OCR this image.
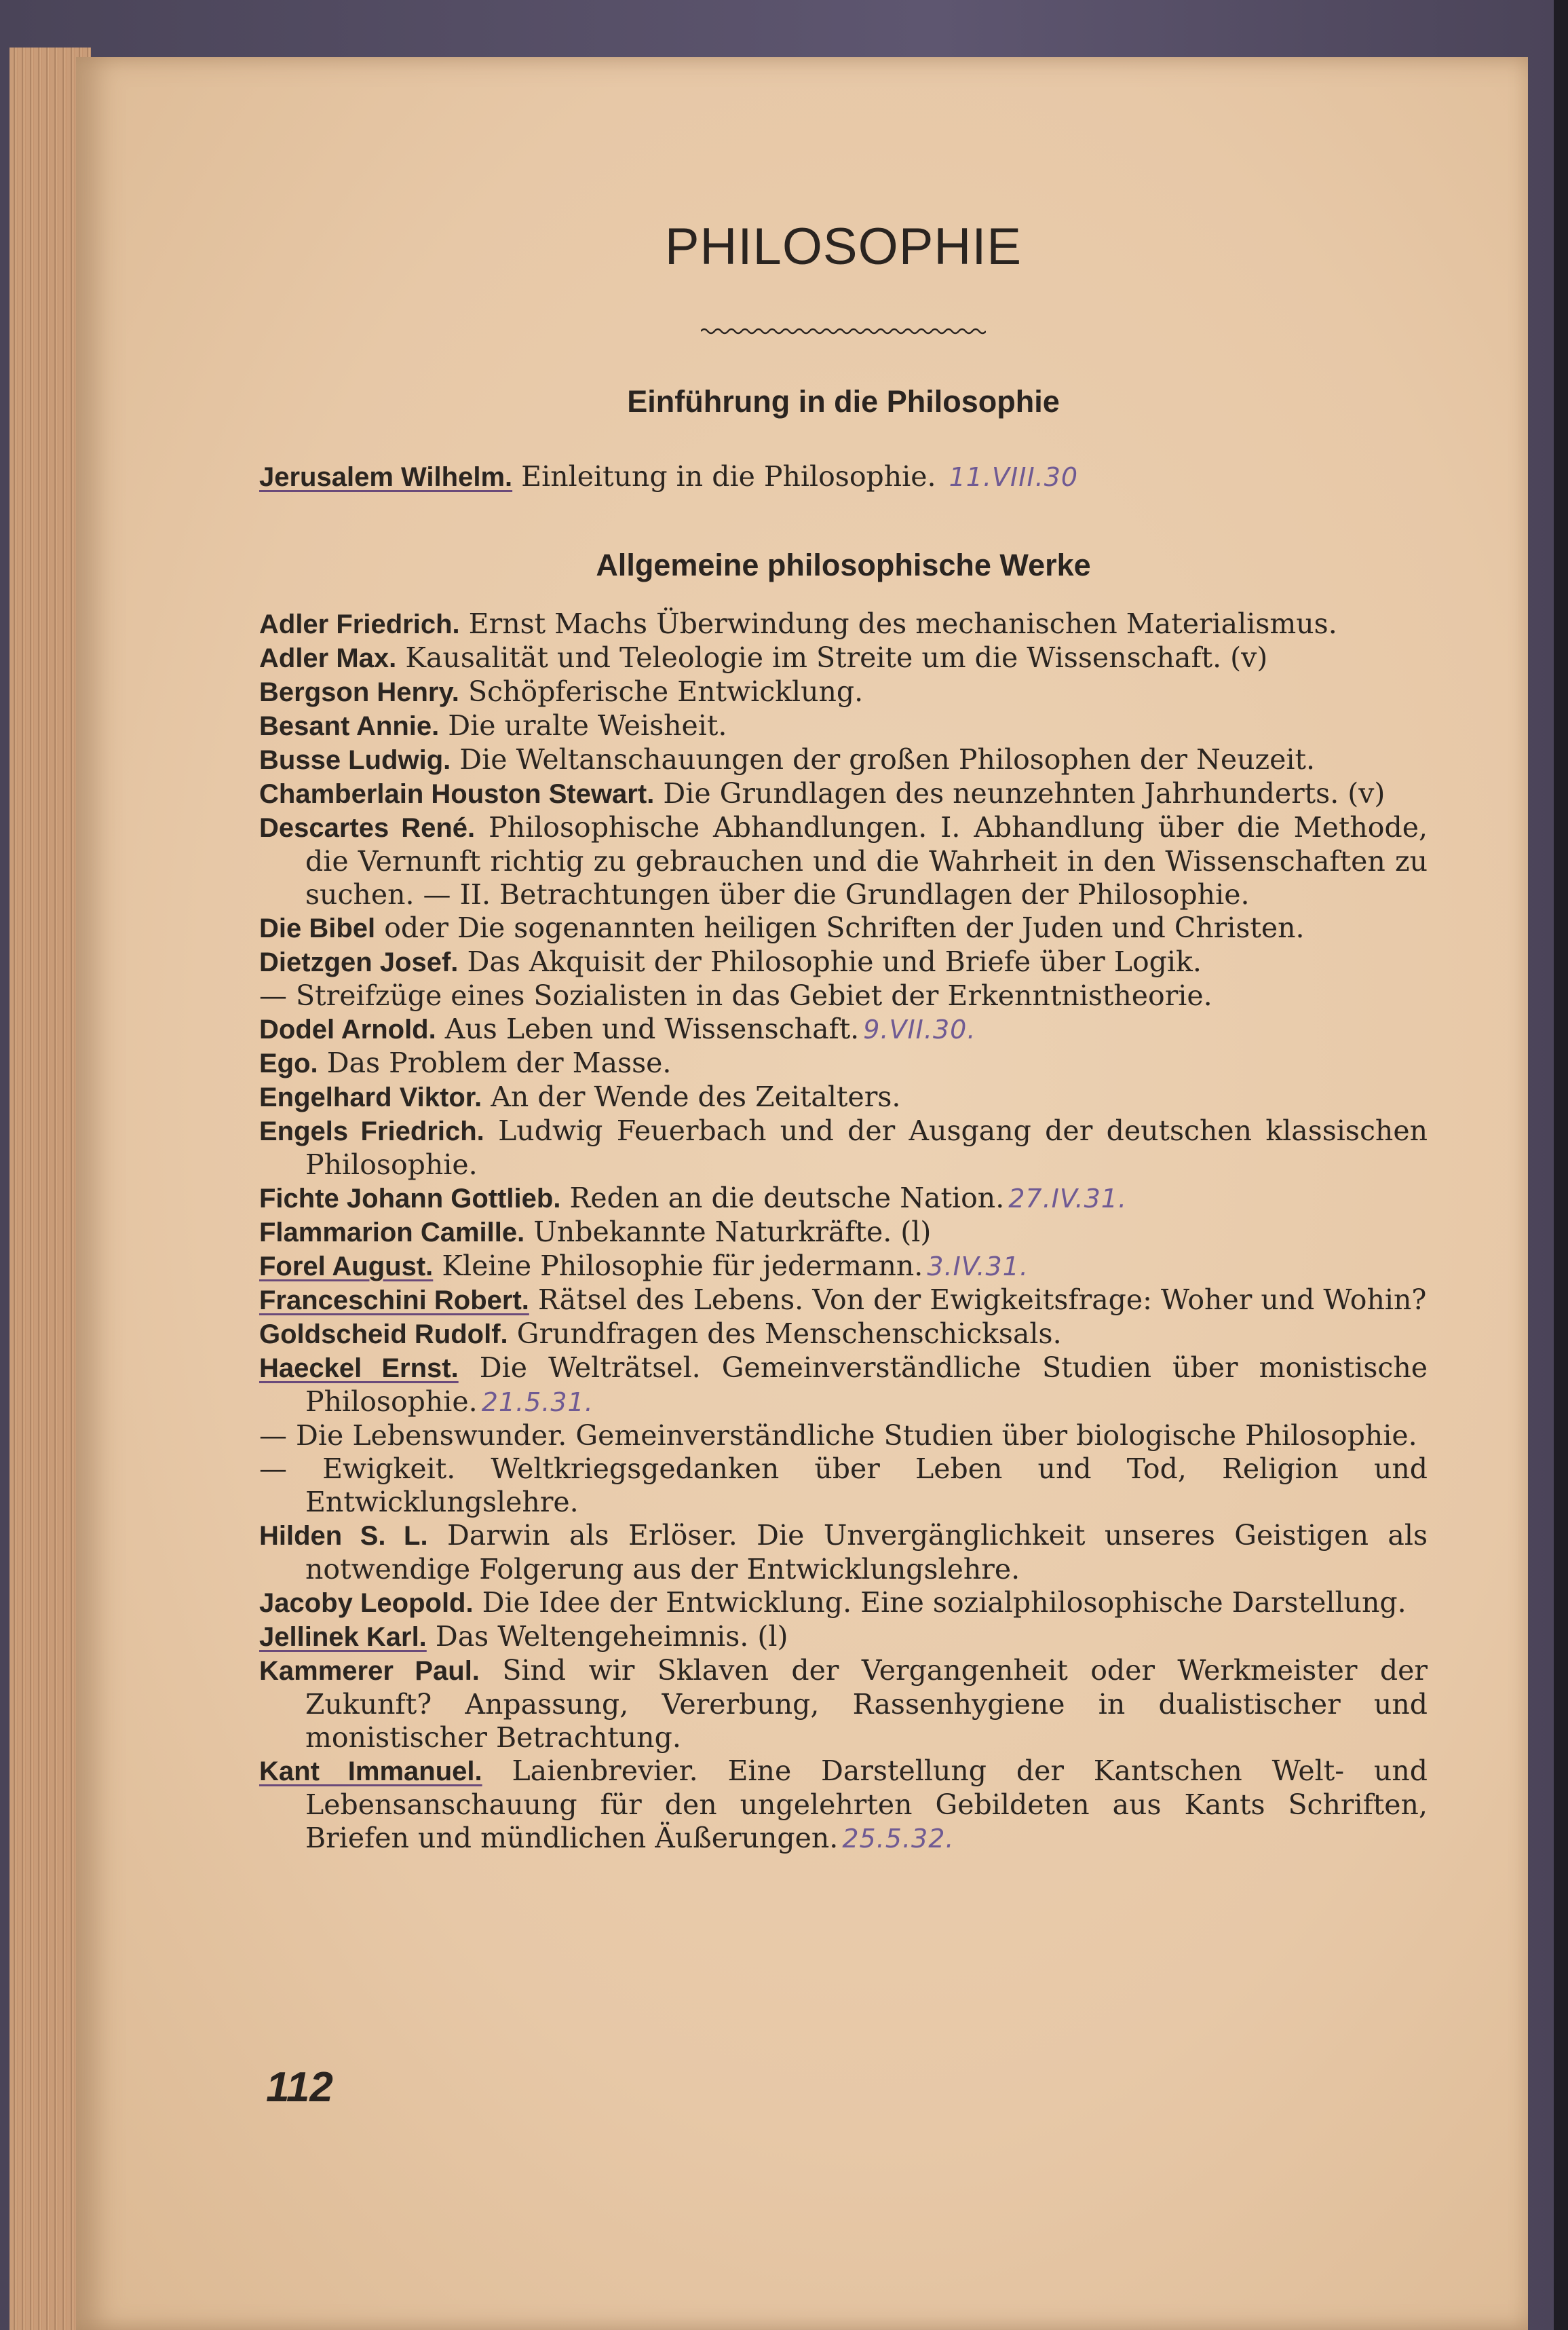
PHILOSOPHIE
Einführung in die Philosophie
Jerusalem Wilhelm. Einleitung in die Philosophie. 11.VIII.30
Allgemeine philosophische Werke
Adler Friedrich. Ernst Machs Überwindung des mechanischen Materialismus.
Adler Max. Kausalität und Teleologie im Streite um die Wissenschaft. (v)
Bergson Henry. Schöpferische Entwicklung.
Besant Annie. Die uralte Weisheit.
Busse Ludwig. Die Weltanschauungen der großen Philosophen der Neuzeit.
Chamberlain Houston Stewart. Die Grundlagen des neunzehnten Jahrhunderts. (v)
Descartes René. Philosophische Abhandlungen. I. Abhandlung über die Methode, die Vernunft richtig zu gebrauchen und die Wahrheit in den Wissenschaften zu suchen. — II. Betrachtungen über die Grundlagen der Philosophie.
Die Bibel oder Die sogenannten heiligen Schriften der Juden und Christen.
Dietzgen Josef. Das Akquisit der Philosophie und Briefe über Logik.
— Streifzüge eines Sozialisten in das Gebiet der Erkenntnistheorie.
Dodel Arnold. Aus Leben und Wissenschaft. 9.VII.30.
Ego. Das Problem der Masse.
Engelhard Viktor. An der Wende des Zeitalters.
Engels Friedrich. Ludwig Feuerbach und der Ausgang der deutschen klassischen Philosophie.
Fichte Johann Gottlieb. Reden an die deutsche Nation. 27.IV.31.
Flammarion Camille. Unbekannte Naturkräfte. (l)
Forel August. Kleine Philosophie für jedermann. 3.IV.31.
Franceschini Robert. Rätsel des Lebens. Von der Ewigkeitsfrage: Woher und Wohin?
Goldscheid Rudolf. Grundfragen des Menschenschicksals.
Haeckel Ernst. Die Welträtsel. Gemeinverständliche Studien über monistische Philosophie. 21.5.31.
— Die Lebenswunder. Gemeinverständliche Studien über biologische Philosophie.
— Ewigkeit. Weltkriegsgedanken über Leben und Tod, Religion und Entwicklungslehre.
Hilden S. L. Darwin als Erlöser. Die Unvergänglichkeit unseres Geistigen als notwendige Folgerung aus der Entwicklungslehre.
Jacoby Leopold. Die Idee der Entwicklung. Eine sozialphilosophische Darstellung.
Jellinek Karl. Das Weltengeheimnis. (l)
Kammerer Paul. Sind wir Sklaven der Vergangenheit oder Werkmeister der Zukunft? Anpassung, Vererbung, Rassenhygiene in dualistischer und monistischer Betrachtung.
Kant Immanuel. Laienbrevier. Eine Darstellung der Kantschen Welt- und Lebensanschauung für den ungelehrten Gebildeten aus Kants Schriften, Briefen und mündlichen Äußerungen. 25.5.32.
112
